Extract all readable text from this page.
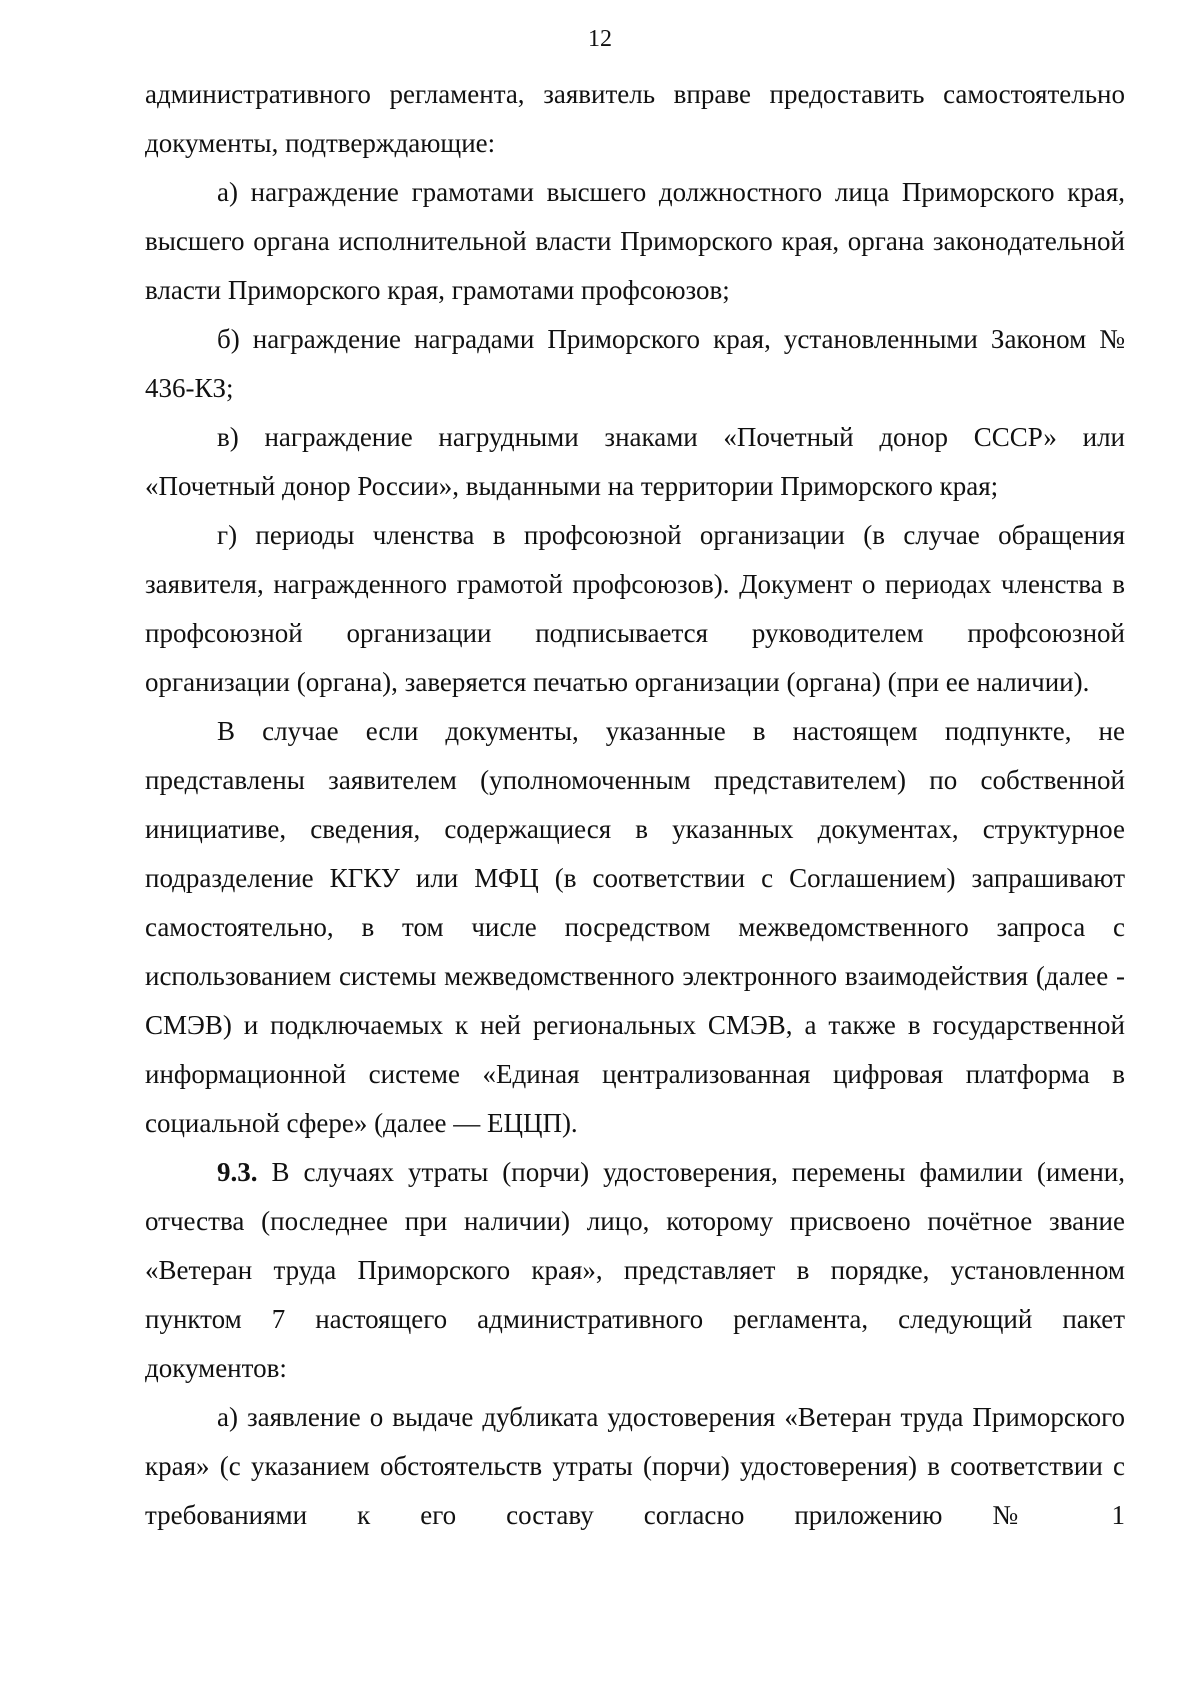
12

административного регламента, заявитель вправе предоставить самостоятельно документы, подтверждающие:

а) награждение грамотами высшего должностного лица Приморского края, высшего органа исполнительной власти Приморского края, органа законодательной власти Приморского края, грамотами профсоюзов;

б) награждение наградами Приморского края, установленными Законом № 436-КЗ;

в) награждение нагрудными знаками «Почетный донор СССР» или «Почетный донор России», выданными на территории Приморского края;

г) периоды членства в профсоюзной организации (в случае обращения заявителя, награжденного грамотой профсоюзов). Документ о периодах членства в профсоюзной организации подписывается руководителем профсоюзной организации (органа), заверяется печатью организации (органа) (при ее наличии).

В случае если документы, указанные в настоящем подпункте, не представлены заявителем (уполномоченным представителем) по собственной инициативе, сведения, содержащиеся в указанных документах, структурное подразделение КГКУ или МФЦ (в соответствии с Соглашением) запрашивают самостоятельно, в том числе посредством межведомственного запроса с использованием системы межведомственного электронного взаимодействия (далее - СМЭВ) и подключаемых к ней региональных СМЭВ, а также в государственной информационной системе «Единая централизованная цифровая платформа в социальной сфере» (далее — ЕЦЦП).

9.3. В случаях утраты (порчи) удостоверения, перемены фамилии (имени, отчества (последнее при наличии) лицо, которому присвоено почётное звание «Ветеран труда Приморского края», представляет в порядке, установленном пунктом 7 настоящего административного регламента, следующий пакет документов:

а) заявление о выдаче дубликата удостоверения «Ветеран труда Приморского края» (с указанием обстоятельств утраты (порчи) удостоверения) в соответствии с требованиями к его составу согласно приложению № 1
